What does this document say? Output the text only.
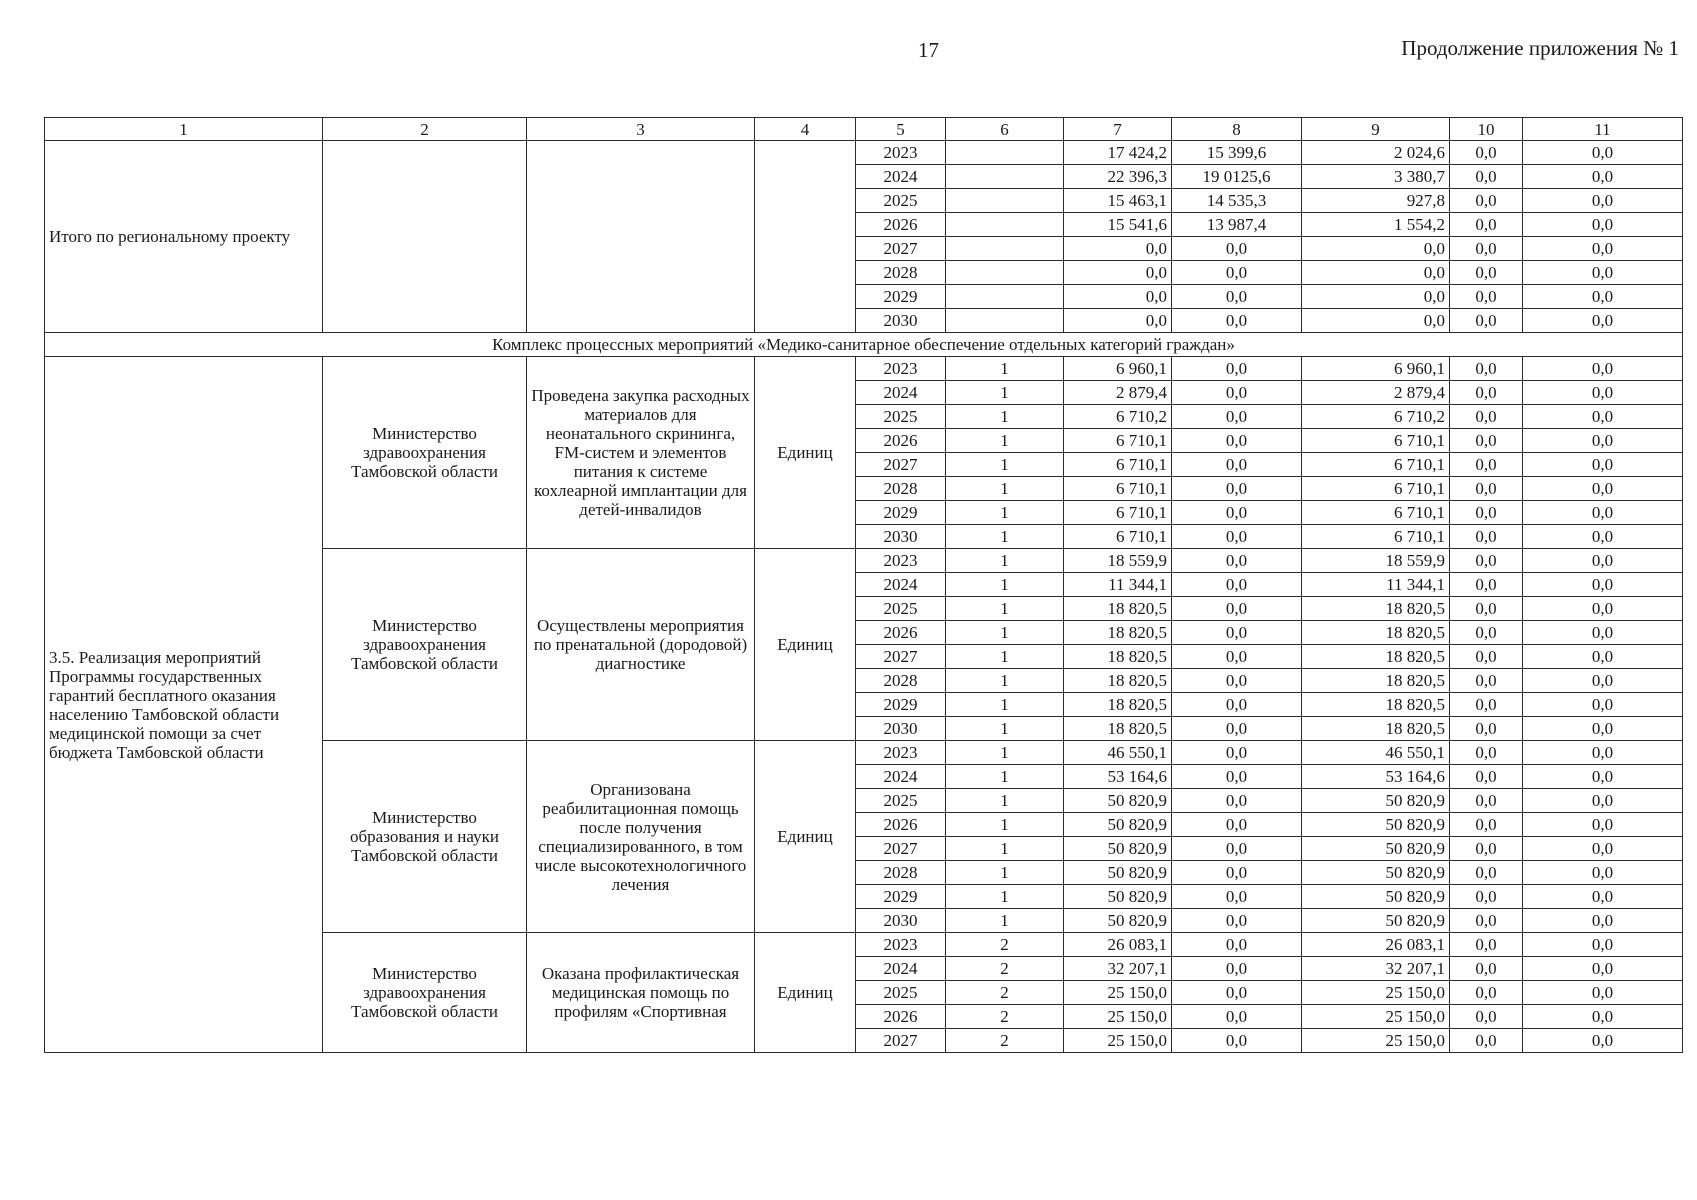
17	Продолжение приложения № 1
1	2	3	4	5	6	7	8	9	10	11
Итого по региональному проекту				2023		17 424,2	15 399,6	2 024,6	0,0	0,0
				2024		22 396,3	19 0125,6	3 380,7	0,0	0,0
				2025		15 463,1	14 535,3	927,8	0,0	0,0
				2026		15 541,6	13 987,4	1 554,2	0,0	0,0
				2027		0,0	0,0	0,0	0,0	0,0
				2028		0,0	0,0	0,0	0,0	0,0
				2029		0,0	0,0	0,0	0,0	0,0
				2030		0,0	0,0	0,0	0,0	0,0
Комплекс процессных мероприятий «Медико-санитарное обеспечение отдельных категорий граждан»										
3.5. Реализация мероприятий Программы государственных гарантий бесплатного оказания населению Тамбовской области медицинской помощи за счет бюджета Тамбовской области	Министерство здравоохранения Тамбовской области	Проведена закупка расходных материалов для неонатального скрининга, FM-систем и элементов питания к системе кохлеарной имплантации для детей-инвалидов	Единиц	2023	1	6 960,1	0,0	6 960,1	0,0	0,0
				2024	1	2 879,4	0,0	2 879,4	0,0	0,0
				2025	1	6 710,2	0,0	6 710,2	0,0	0,0
				2026	1	6 710,1	0,0	6 710,1	0,0	0,0
				2027	1	6 710,1	0,0	6 710,1	0,0	0,0
				2028	1	6 710,1	0,0	6 710,1	0,0	0,0
				2029	1	6 710,1	0,0	6 710,1	0,0	0,0
				2030	1	6 710,1	0,0	6 710,1	0,0	0,0
	Министерство здравоохранения Тамбовской области	Осуществлены мероприятия по пренатальной (дородовой) диагностике	Единиц	2023	1	18 559,9	0,0	18 559,9	0,0	0,0
				2024	1	11 344,1	0,0	11 344,1	0,0	0,0
				2025	1	18 820,5	0,0	18 820,5	0,0	0,0
				2026	1	18 820,5	0,0	18 820,5	0,0	0,0
				2027	1	18 820,5	0,0	18 820,5	0,0	0,0
				2028	1	18 820,5	0,0	18 820,5	0,0	0,0
				2029	1	18 820,5	0,0	18 820,5	0,0	0,0
				2030	1	18 820,5	0,0	18 820,5	0,0	0,0
	Министерство образования и науки Тамбовской области	Организована реабилитационная помощь после получения специализированного, в том числе высокотехнологичного лечения	Единиц	2023	1	46 550,1	0,0	46 550,1	0,0	0,0
				2024	1	53 164,6	0,0	53 164,6	0,0	0,0
				2025	1	50 820,9	0,0	50 820,9	0,0	0,0
				2026	1	50 820,9	0,0	50 820,9	0,0	0,0
				2027	1	50 820,9	0,0	50 820,9	0,0	0,0
				2028	1	50 820,9	0,0	50 820,9	0,0	0,0
				2029	1	50 820,9	0,0	50 820,9	0,0	0,0
				2030	1	50 820,9	0,0	50 820,9	0,0	0,0
	Министерство здравоохранения Тамбовской области	Оказана профилактическая медицинская помощь по профилям «Спортивная	Единиц	2023	2	26 083,1	0,0	26 083,1	0,0	0,0
				2024	2	32 207,1	0,0	32 207,1	0,0	0,0
				2025	2	25 150,0	0,0	25 150,0	0,0	0,0
				2026	2	25 150,0	0,0	25 150,0	0,0	0,0
				2027	2	25 150,0	0,0	25 150,0	0,0	0,0
